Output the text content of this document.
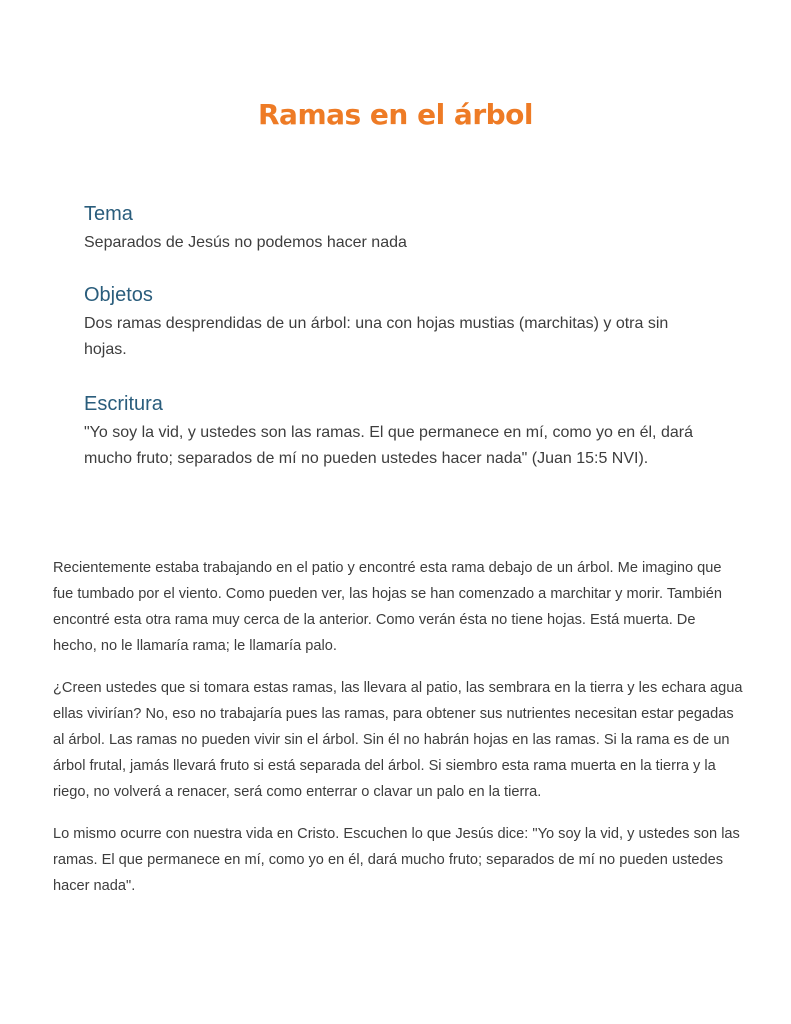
Ramas en el árbol
Tema

Separados de Jesús no podemos hacer nada

Objetos

Dos ramas desprendidas de un árbol: una con hojas mustias (marchitas) y otra sin hojas.

Escritura

"Yo soy la vid, y ustedes son las ramas. El que permanece en mí, como yo en él, dará mucho fruto; separados de mí no pueden ustedes hacer nada" (Juan 15:5 NVI).

Recientemente estaba trabajando en el patio y encontré esta rama debajo de un árbol. Me imagino que fue tumbado por el viento. Como pueden ver, las hojas se han comenzado a marchitar y morir. También encontré esta otra rama muy cerca de la anterior. Como verán ésta no tiene hojas. Está muerta. De hecho, no le llamaría rama; le llamaría palo.

¿Creen ustedes que si tomara estas ramas, las llevara al patio, las sembrara en la tierra y les echara agua ellas vivirían? No, eso no trabajaría pues las ramas, para obtener sus nutrientes necesitan estar pegadas al árbol. Las ramas no pueden vivir sin el árbol. Sin él no habrán hojas en las ramas. Si la rama es de un árbol frutal, jamás llevará fruto si está separada del árbol. Si siembro esta rama muerta en la tierra y la riego, no volverá a renacer, será como enterrar o clavar un palo en la tierra.

Lo mismo ocurre con nuestra vida en Cristo. Escuchen lo que Jesús dice: "Yo soy la vid, y ustedes son las ramas. El que permanece en mí, como yo en él, dará mucho fruto; separados de mí no pueden ustedes hacer nada".
